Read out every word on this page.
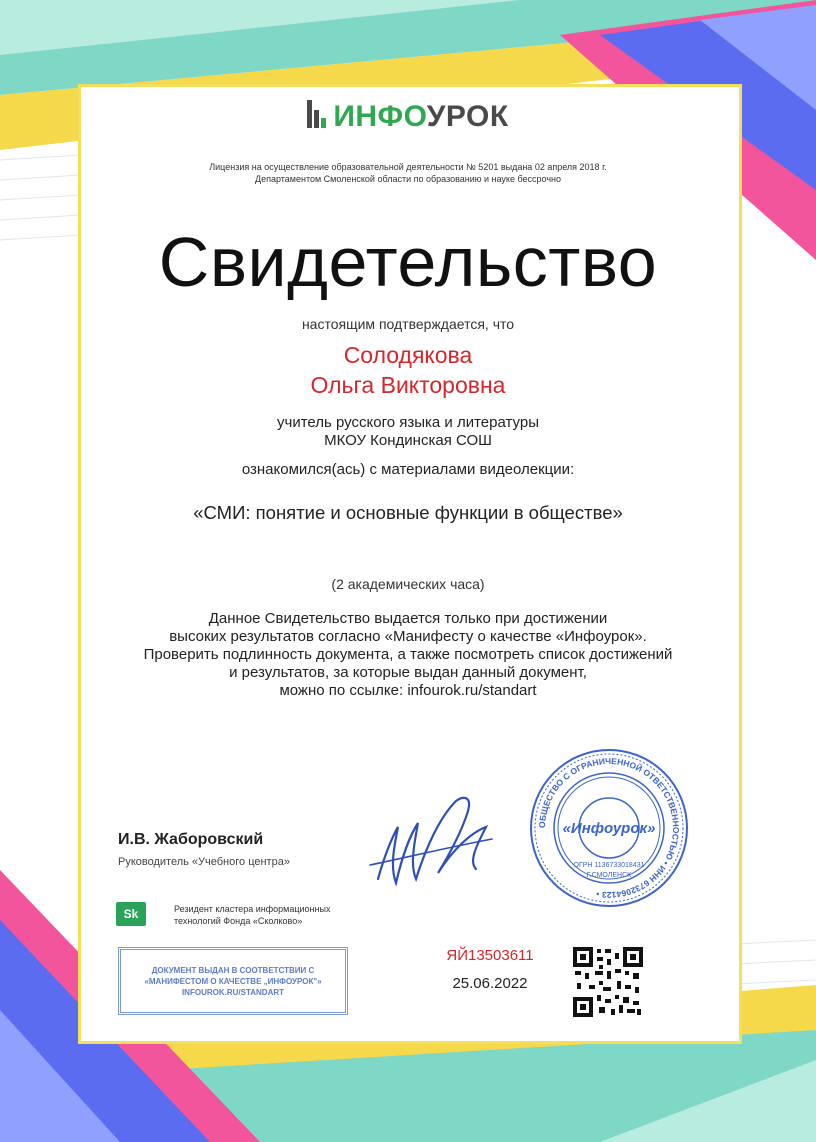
ИНФОУРОК
Лицензия на осуществление образовательной деятельности № 5201 выдана 02 апреля 2018 г.
Департаментом Смоленской области по образованию и науке бессрочно
Свидетельство
настоящим подтверждается, что
Солодякова
Ольга Викторовна
учитель русского языка и литературы
МКОУ Кондинская СОШ
ознакомился(ась) с материалами видеолекции:
«СМИ: понятие и основные функции в обществе»
(2 академических часа)
Данное Свидетельство выдается только при достижении
высоких результатов согласно «Манифесту о качестве «Инфоурок».
Проверить подлинность документа, а также посмотреть список достижений
и результатов, за которые выдан данный документ,
можно по ссылке: infourok.ru/standart
ОБЩЕСТВО С ОГРАНИЧЕННОЙ ОТВЕТСТВЕННОСТЬЮ • ИНН 6732064123 •
«Инфоурок»
ОГРН 1136733018431
Г.СМОЛЕНСК
И.В. Жаборовский
Руководитель «Учебного центра»
Sk	Резидент кластера информационных
технологий Фонда «Сколково»
ДОКУМЕНТ ВЫДАН В СООТВЕТСТВИИ С
«МАНИФЕСТОМ О КАЧЕСТВЕ „ИНФОУРОК"»
INFOUROK.RU/STANDART
ЯЙ13503611
25.06.2022
